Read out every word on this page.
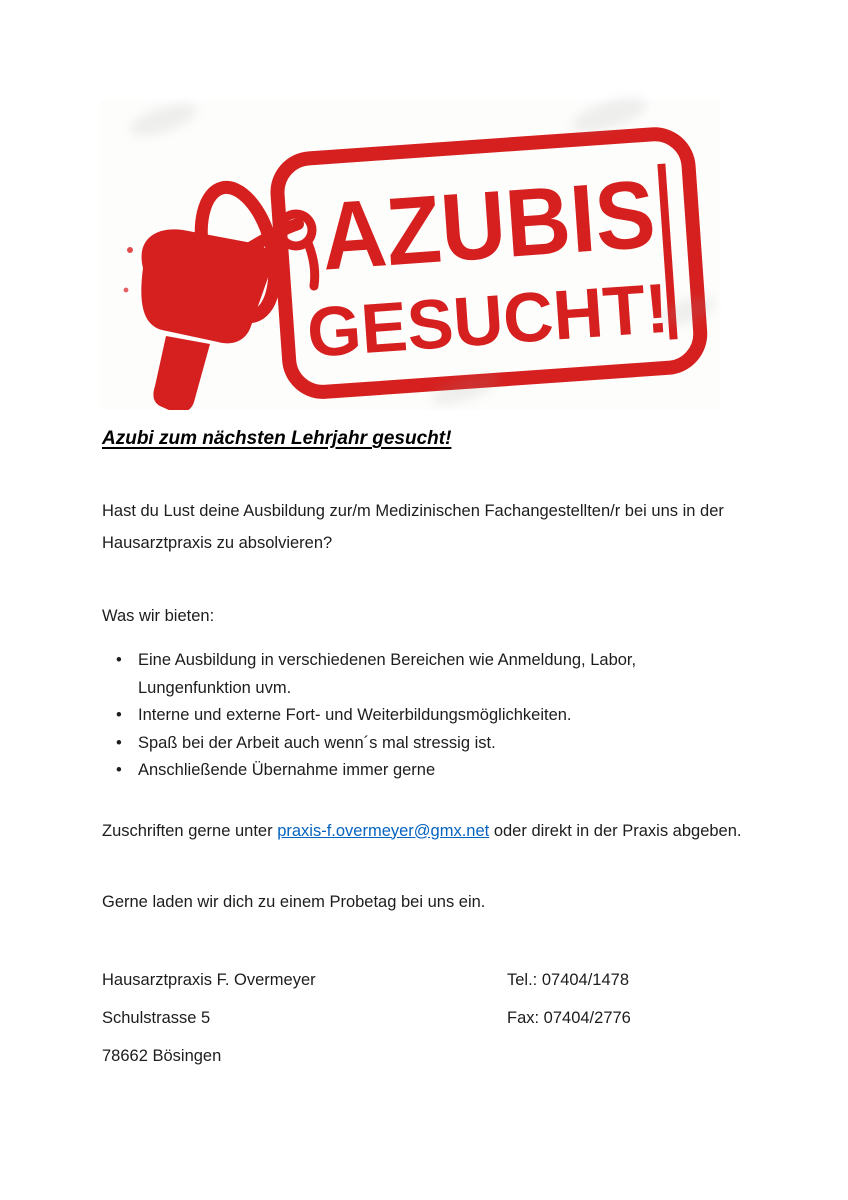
AZUBIS
GESUCHT!
Azubi zum nächsten Lehrjahr gesucht!

Hast du Lust deine Ausbildung zur/m Medizinischen Fachangestellten/r bei uns in der Hausarztpraxis zu absolvieren?

Was wir bieten:

• Eine Ausbildung in verschiedenen Bereichen wie Anmeldung, Labor, Lungenfunktion uvm.
• Interne und externe Fort- und Weiterbildungsmöglichkeiten.
• Spaß bei der Arbeit auch wenn´s mal stressig ist.
• Anschließende Übernahme immer gerne

Zuschriften gerne unter praxis-f.overmeyer@gmx.net oder direkt in der Praxis abgeben.

Gerne laden wir dich zu einem Probetag bei uns ein.

Hausarztpraxis F. Overmeyer	Tel.: 07404/1478
Schulstrasse 5	Fax: 07404/2776
78662 Bösingen
